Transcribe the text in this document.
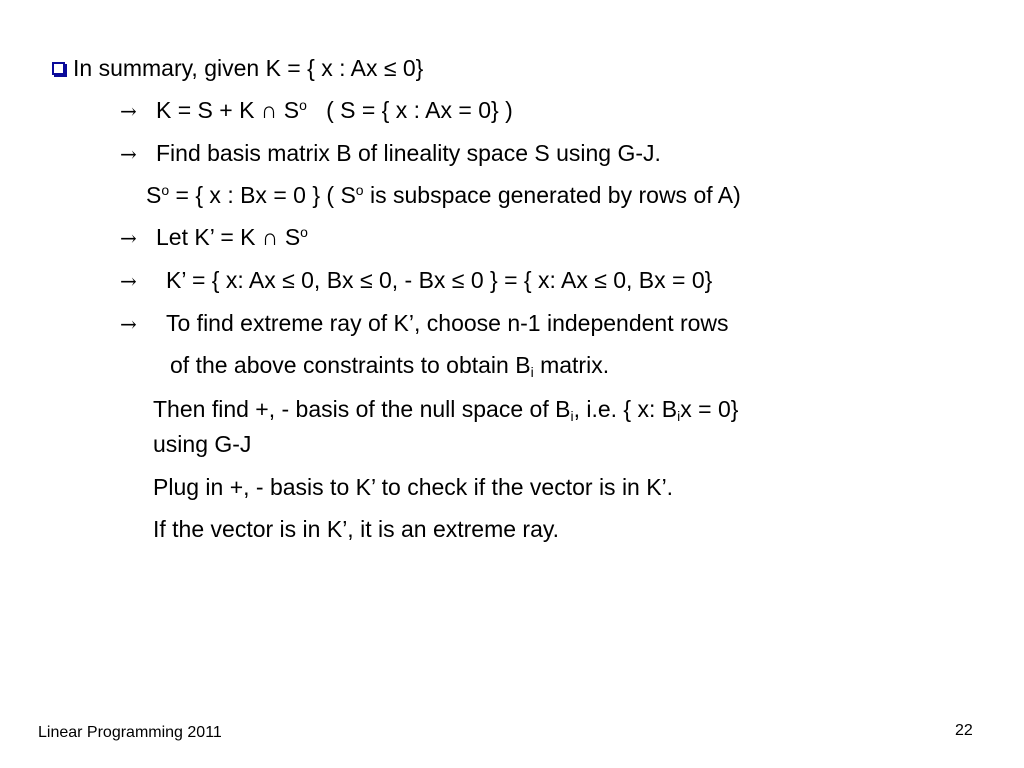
In summary, given K = { x : Ax ≤ 0}
→ K = S + K ∩ $S^o$   ( S = { x : Ax = 0} )
→ Find basis matrix B of lineality space S using G-J.
$S^o$ = { x : Bx = 0 } ( $S^o$ is subspace generated by rows of A)
→ Let K’ = K ∩ $S^o$
→ K’ = { x: Ax ≤ 0, Bx ≤ 0, - Bx ≤ 0 } = { x: Ax ≤ 0, Bx = 0}
→ To find extreme ray of K’, choose n-1 independent rows
of the above constraints to obtain $B_i$ matrix.
Then find +, - basis of the null space of $B_i$, i.e. { x: $B_ix = 0$}
using G-J
Plug in +, - basis to K’ to check if the vector is in K’.
If the vector is in K’, it is an extreme ray.
Linear Programming 2011	22
